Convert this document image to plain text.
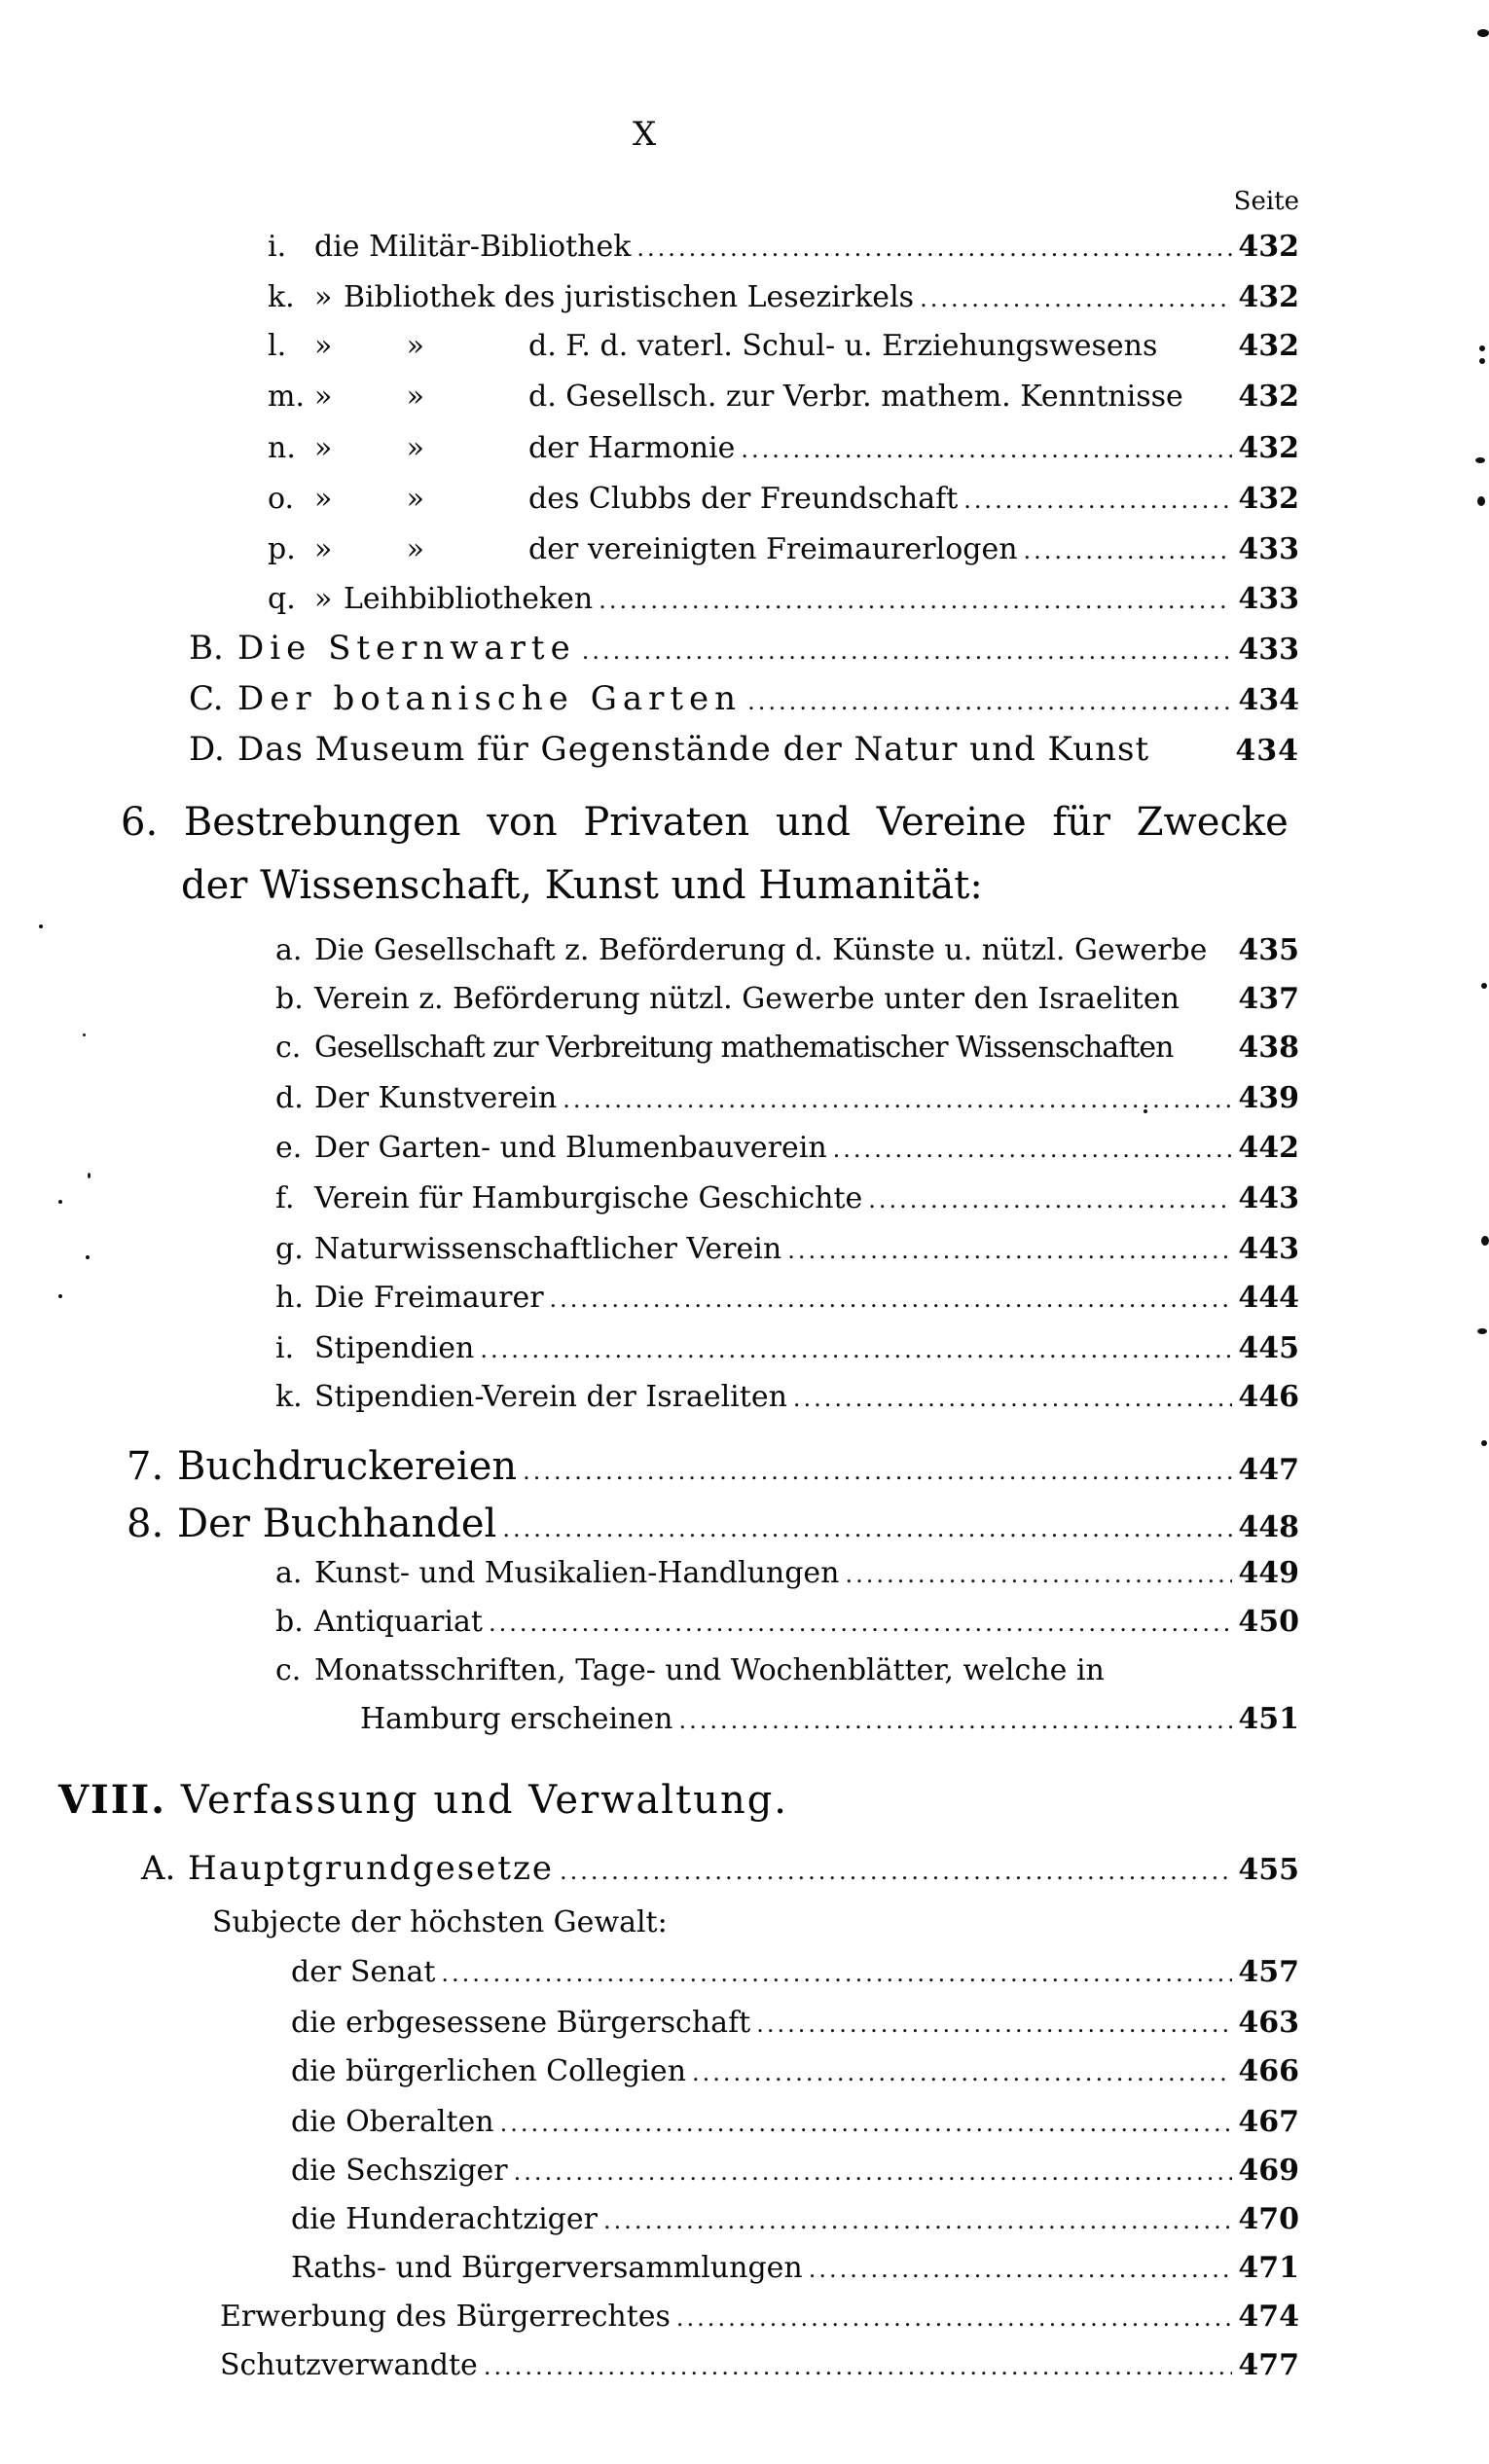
X
Seite
i. die Militär-Bibliothek .....	432
k. » Bibliothek des juristischen Lesezirkels .....	432
l. »        »	d. F. d. vaterl. Schul- u. Erziehungswesens	432
m. »        »	d. Gesellsch. zur Verbr. mathem. Kenntnisse 432
n. »        »	der Harmonie .....	432
o. »        »	des Clubbs der Freundschaft .....	432
p. »        »	der vereinigten Freimaurerlogen .....	433
q. » Leihbibliotheken .....	433
B. Die Sternwarte .....	433
C. Der botanische Garten .....	434
D. Das Museum für Gegenstände der Natur und Kunst	434
6. Bestrebungen von Privaten und Vereine für Zwecke
der Wissenschaft, Kunst und Humanität:
a. Die Gesellschaft z. Beförderung d. Künste u. nützl. Gewerbe 435
b. Verein z. Beförderung nützl. Gewerbe unter den Israeliten 437
c. Gesellschaft zur Verbreitung mathematischer Wissenschaften 438
d. Der Kunstverein .....	439
e. Der Garten- und Blumenbauverein .....	442
f. Verein für Hamburgische Geschichte .....	443
g. Naturwissenschaftlicher Verein .....	443
h. Die Freimaurer .....	444
i. Stipendien .....	445
k. Stipendien-Verein der Israeliten .....	446
7. Buchdruckereien .....	447
8. Der Buchhandel .....	448
a. Kunst- und Musikalien-Handlungen .....	449
b. Antiquariat .....	450
c. Monatsschriften, Tage- und Wochenblätter, welche in
Hamburg erscheinen .....	451
VIII. Verfassung und Verwaltung.
A. Hauptgrundgesetze .....	455
Subjecte der höchsten Gewalt:
der Senat .....	457
die erbgesessene Bürgerschaft .....	463
die bürgerlichen Collegien .....	466
die Oberalten .....	467
die Sechsziger .....	469
die Hunderachtziger .....	470
Raths- und Bürgerversammlungen .....	471
Erwerbung des Bürgerrechtes .....	474
Schutzverwandte .....	477
